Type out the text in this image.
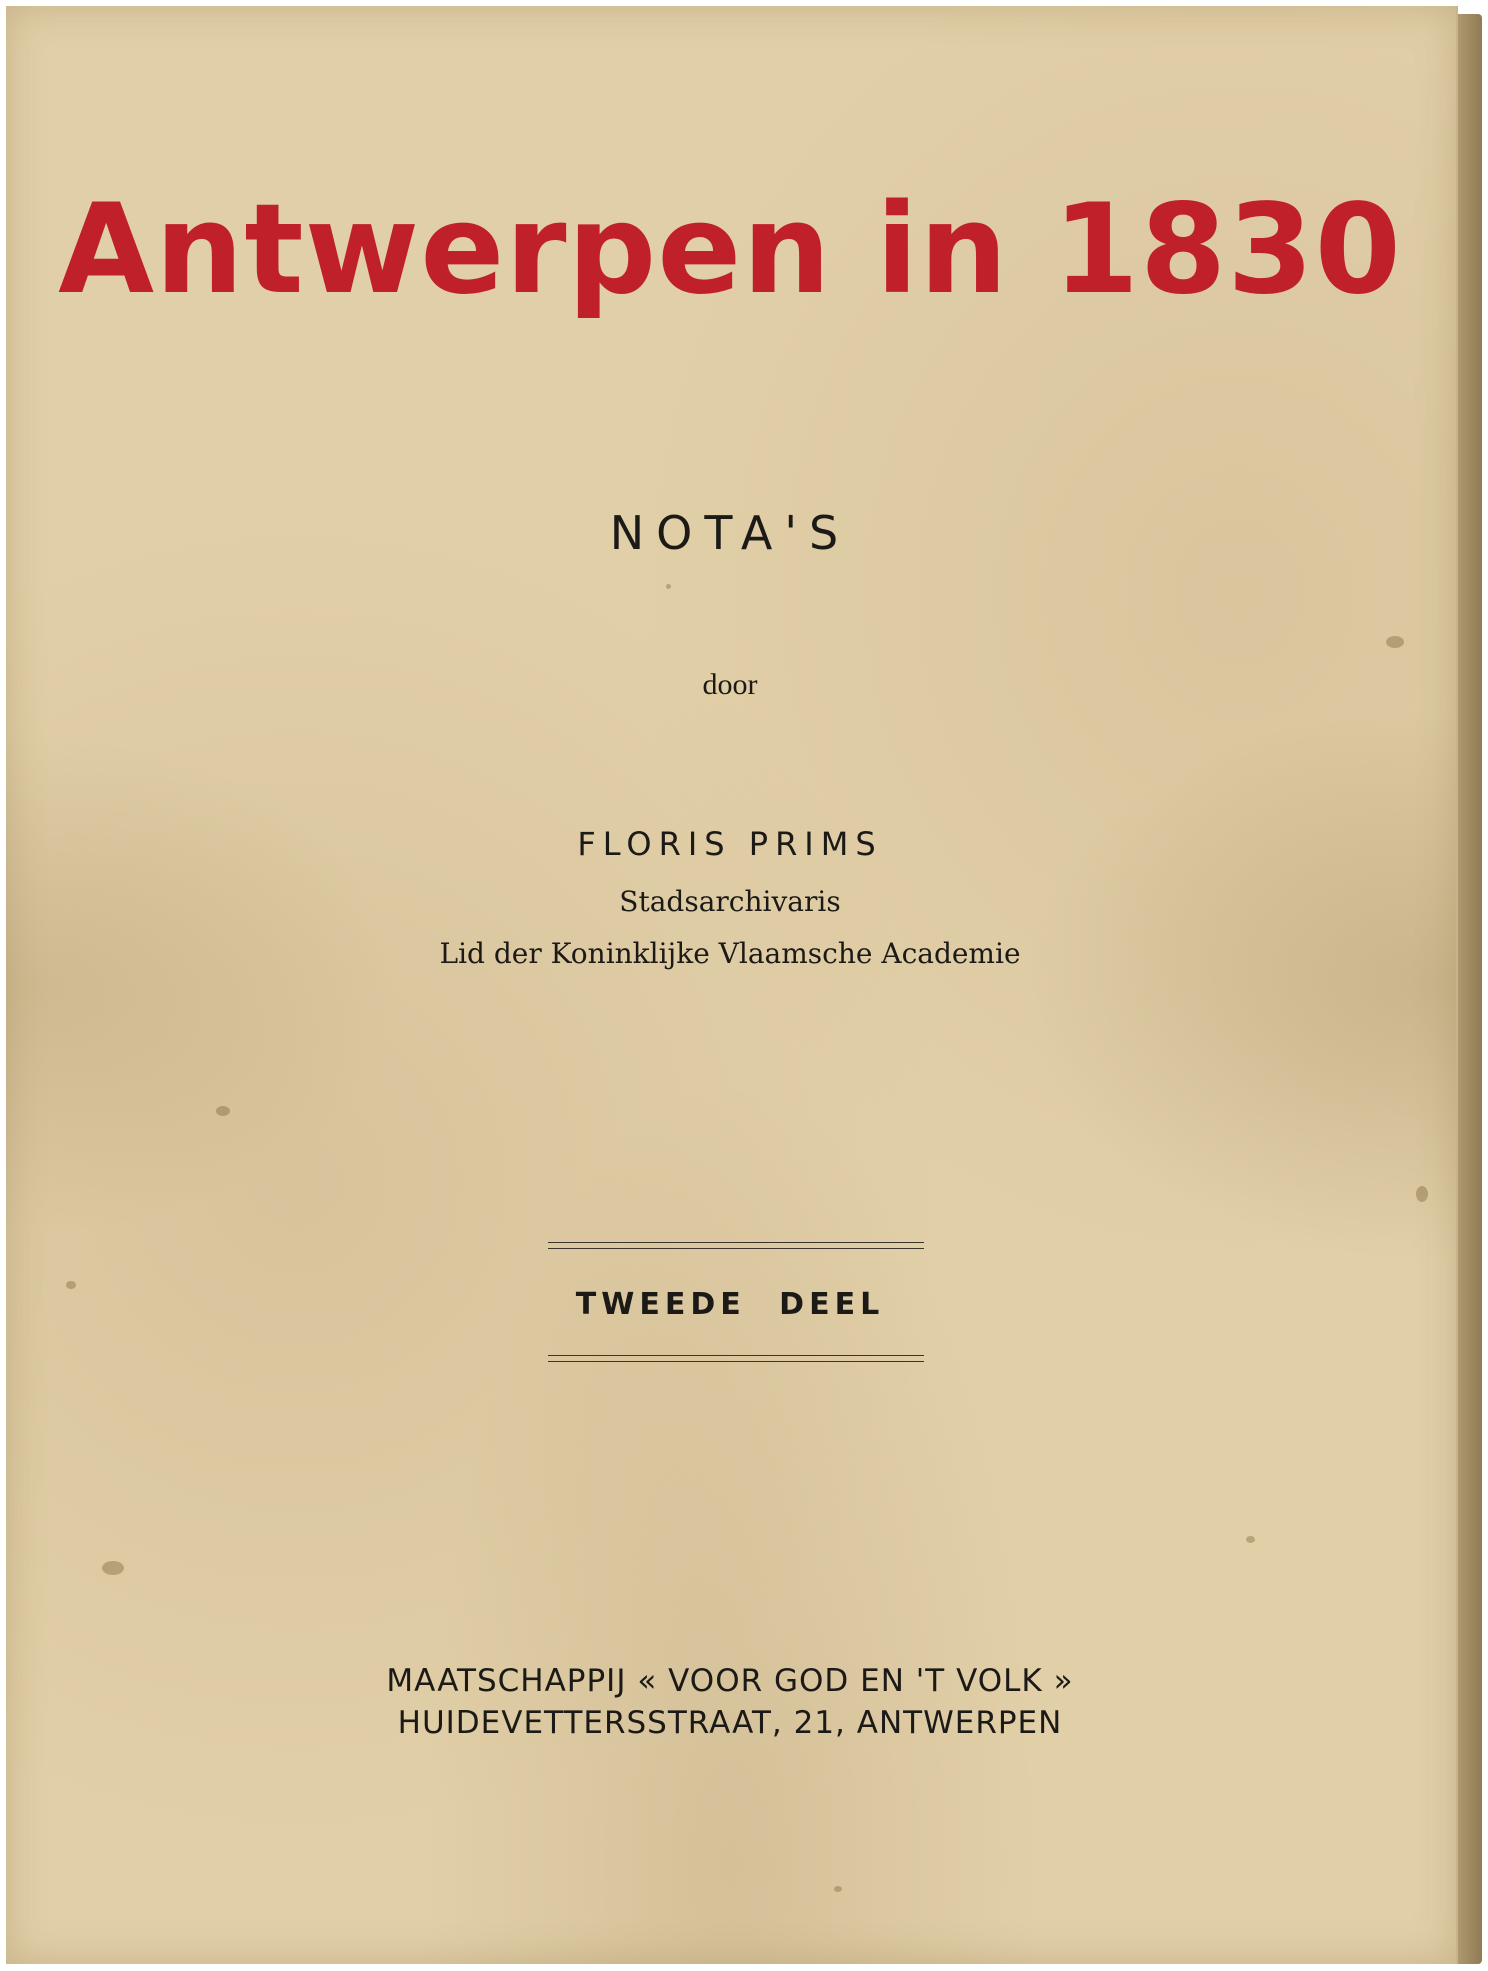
Antwerpen in 1830
NOTA'S
door
FLORIS PRIMS
Stadsarchivaris
Lid der Koninklijke Vlaamsche Academie
TWEEDE DEEL
MAATSCHAPPIJ « VOOR GOD EN 'T VOLK »
HUIDEVETTERSSTRAAT, 21, ANTWERPEN
